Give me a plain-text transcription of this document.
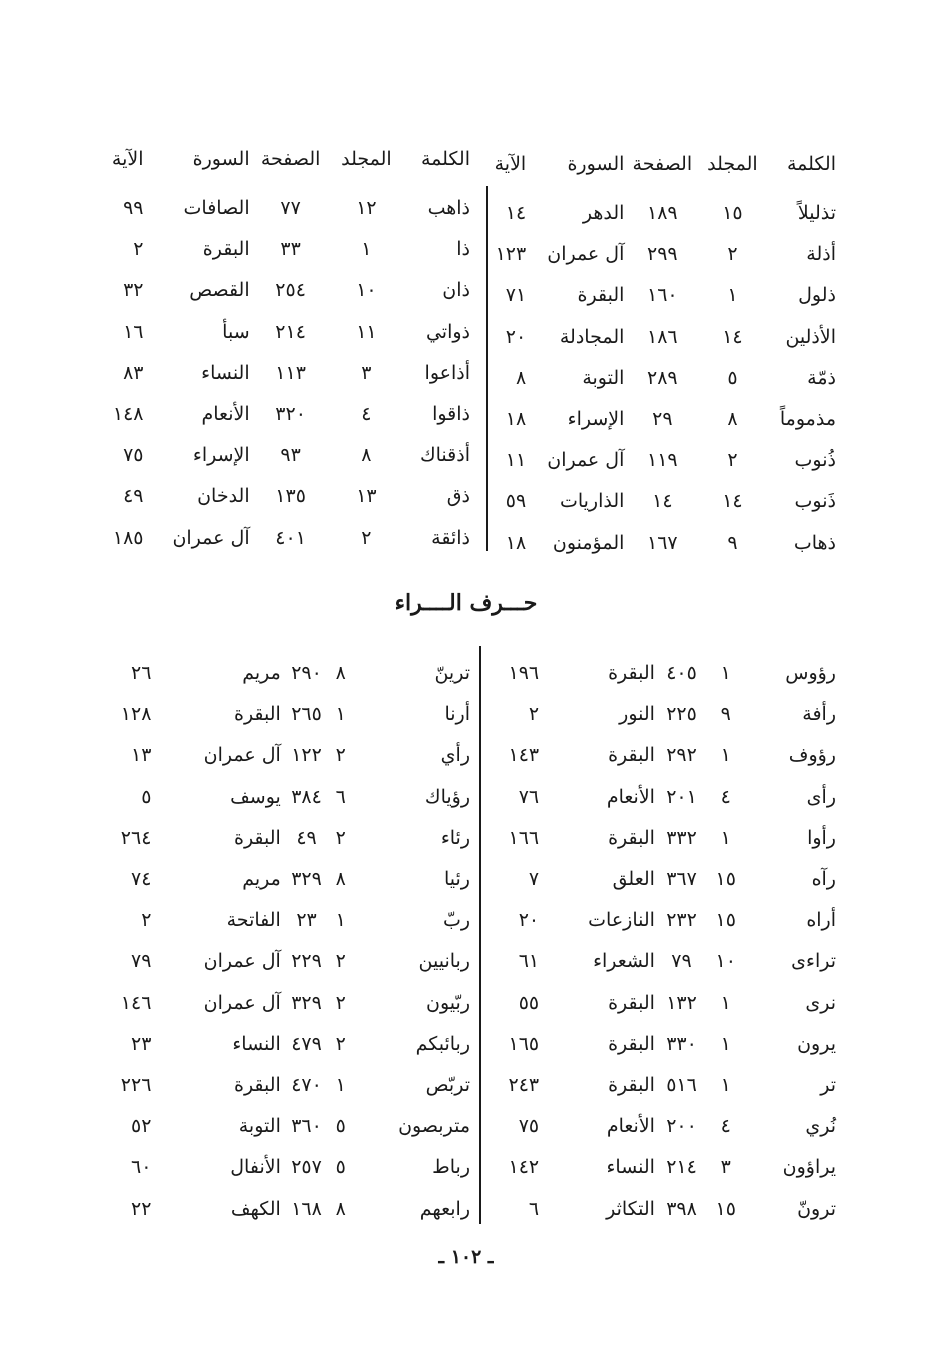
الكلمة	المجلد	الصفحة	السورة	الآية
تذليلاً	١٥	١٨٩	الدهر	١٤
أذلة	٢	٢٩٩	آل عمران	١٢٣
ذلول	١	١٦٠	البقرة	٧١
الأذلين	١٤	١٨٦	المجادلة	٢٠
ذمّة	٥	٢٨٩	التوبة	٨
مذموماً	٨	٢٩	الإسراء	١٨
ذُنوب	٢	١١٩	آل عمران	١١
ذَنوب	١٤	١٤	الذاريات	٥٩
ذهاب	٩	١٦٧	المؤمنون	١٨
الكلمة	المجلد	الصفحة	السورة	الآية
ذاهب	١٢	٧٧	الصافات	٩٩
ذا	١	٣٣	البقرة	٢
ذان	١٠	٢٥٤	القصص	٣٢
ذواتي	١١	٢١٤	سبأ	١٦
أذاعوا	٣	١١٣	النساء	٨٣
ذاقوا	٤	٣٢٠	الأنعام	١٤٨
أذقناك	٨	٩٣	الإسراء	٧٥
ذق	١٣	١٣٥	الدخان	٤٩
ذائقة	٢	٤٠١	آل عمران	١٨٥
حـــرف الــــراء
رؤوس	١	٤٠٥	البقرة	١٩٦
رأفة	٩	٢٢٥	النور	٢
رؤوف	١	٢٩٢	البقرة	١٤٣
رأى	٤	٢٠١	الأنعام	٧٦
رأوا	١	٣٣٢	البقرة	١٦٦
رآه	١٥	٣٦٧	العلق	٧
أراه	١٥	٢٣٢	النازعات	٢٠
تراءى	١٠	٧٩	الشعراء	٦١
نرى	١	١٣٢	البقرة	٥٥
يرون	١	٣٣٠	البقرة	١٦٥
تر	١	٥١٦	البقرة	٢٤٣
نُري	٤	٢٠٠	الأنعام	٧٥
يراؤون	٣	٢١٤	النساء	١٤٢
ترونّ	١٥	٣٩٨	التكاثر	٦
ترينّ	٨	٢٩٠	مريم	٢٦
أرنا	١	٢٦٥	البقرة	١٢٨
رأي	٢	١٢٢	آل عمران	١٣
رؤياك	٦	٣٨٤	يوسف	٥
رئاء	٢	٤٩	البقرة	٢٦٤
رئيا	٨	٣٢٩	مريم	٧٤
ربّ	١	٢٣	الفاتحة	٢
ربانيين	٢	٢٢٩	آل عمران	٧٩
ربّيون	٢	٣٢٩	آل عمران	١٤٦
ربائبكم	٢	٤٧٩	النساء	٢٣
تربّص	١	٤٧٠	البقرة	٢٢٦
متربصون	٥	٣٦٠	التوبة	٥٢
رباط	٥	٢٥٧	الأنفال	٦٠
رابعهم	٨	١٦٨	الكهف	٢٢
ـ ١٠٢ ـ
